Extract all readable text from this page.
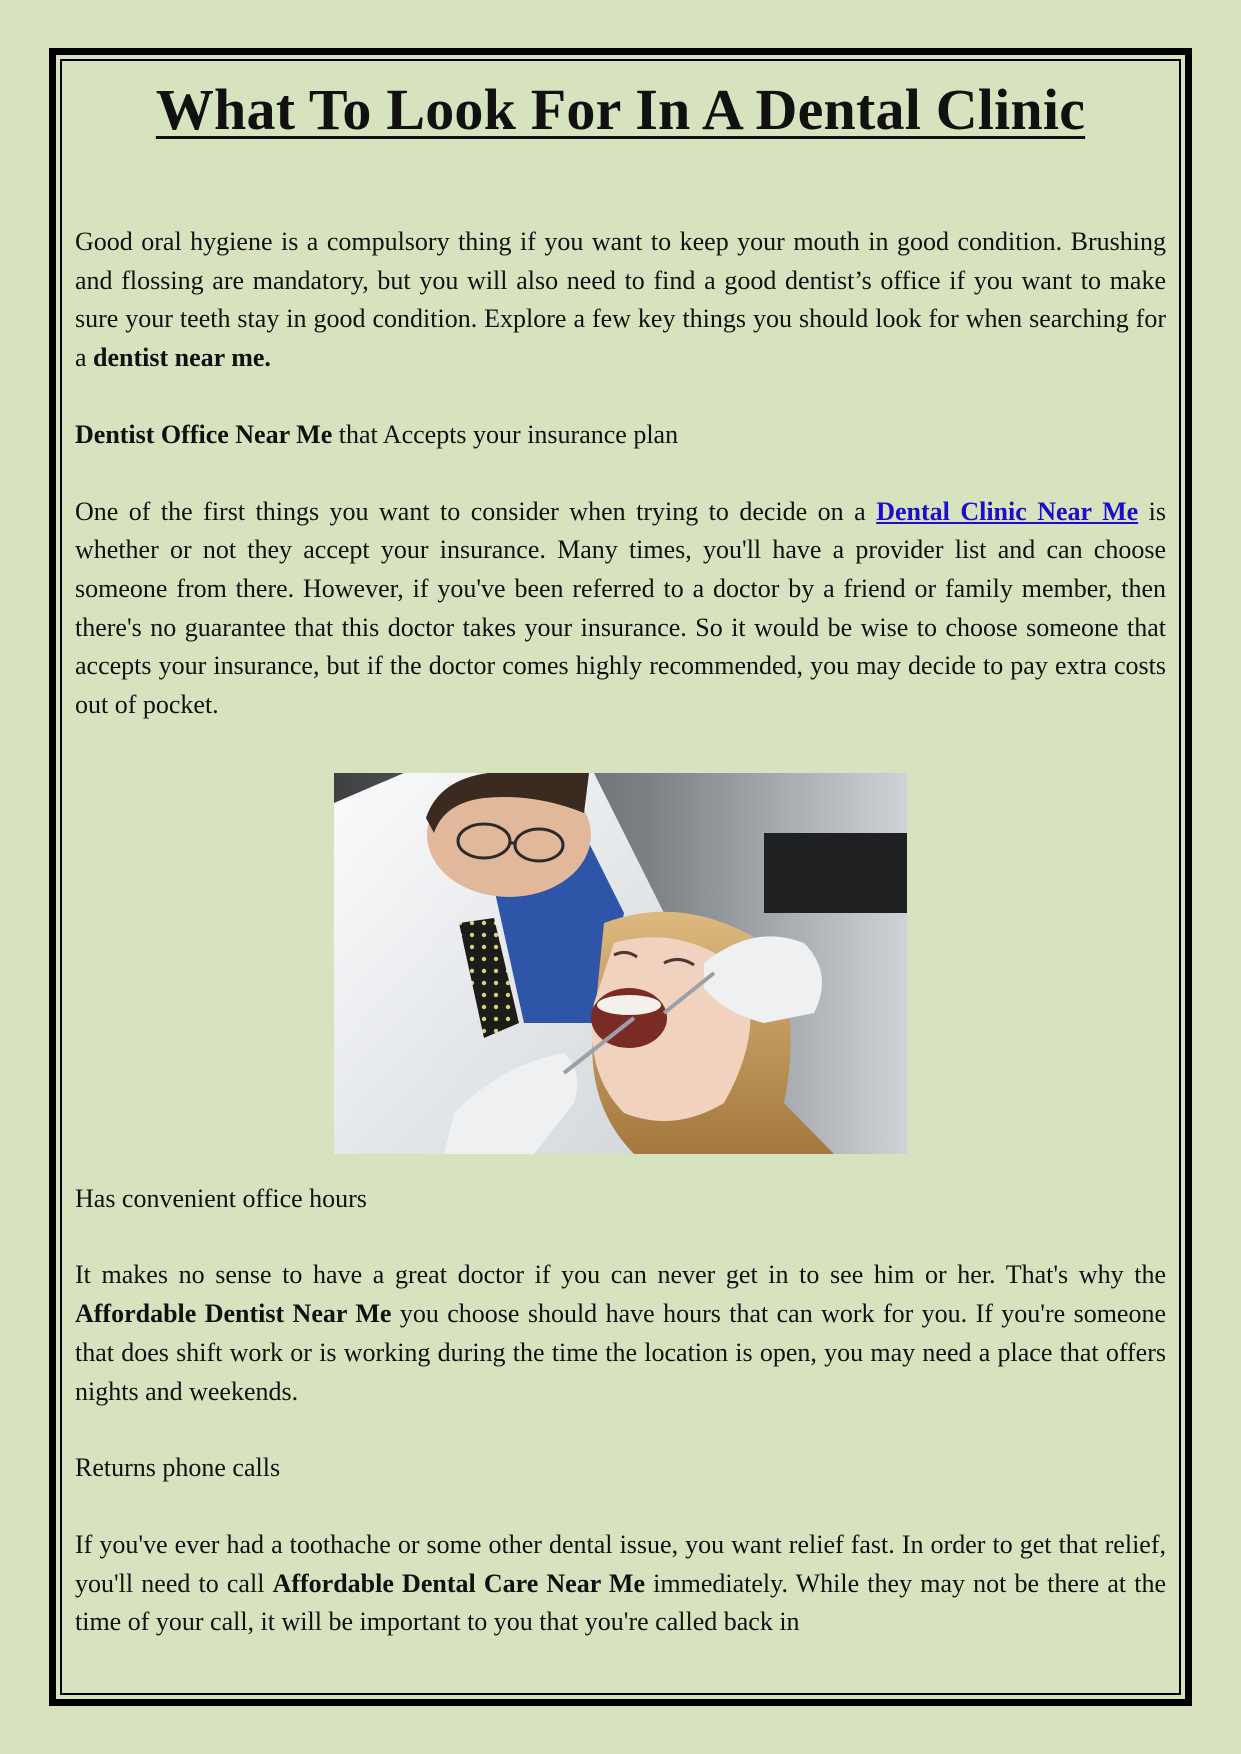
What To Look For In A Dental Clinic

Good oral hygiene is a compulsory thing if you want to keep your mouth in good condition. Brushing and flossing are mandatory, but you will also need to find a good dentist’s office if you want to make sure your teeth stay in good condition. Explore a few key things you should look for when searching for a dentist near me.

Dentist Office Near Me that Accepts your insurance plan

One of the first things you want to consider when trying to decide on a Dental Clinic Near Me is whether or not they accept your insurance. Many times, you'll have a provider list and can choose someone from there. However, if you've been referred to a doctor by a friend or family member, then there's no guarantee that this doctor takes your insurance. So it would be wise to choose someone that accepts your insurance, but if the doctor comes highly recommended, you may decide to pay extra costs out of pocket.

Has convenient office hours

It makes no sense to have a great doctor if you can never get in to see him or her. That's why the Affordable Dentist Near Me you choose should have hours that can work for you. If you're someone that does shift work or is working during the time the location is open, you may need a place that offers nights and weekends.

Returns phone calls

If you've ever had a toothache or some other dental issue, you want relief fast. In order to get that relief, you'll need to call Affordable Dental Care Near Me immediately. While they may not be there at the time of your call, it will be important to you that you're called back in
